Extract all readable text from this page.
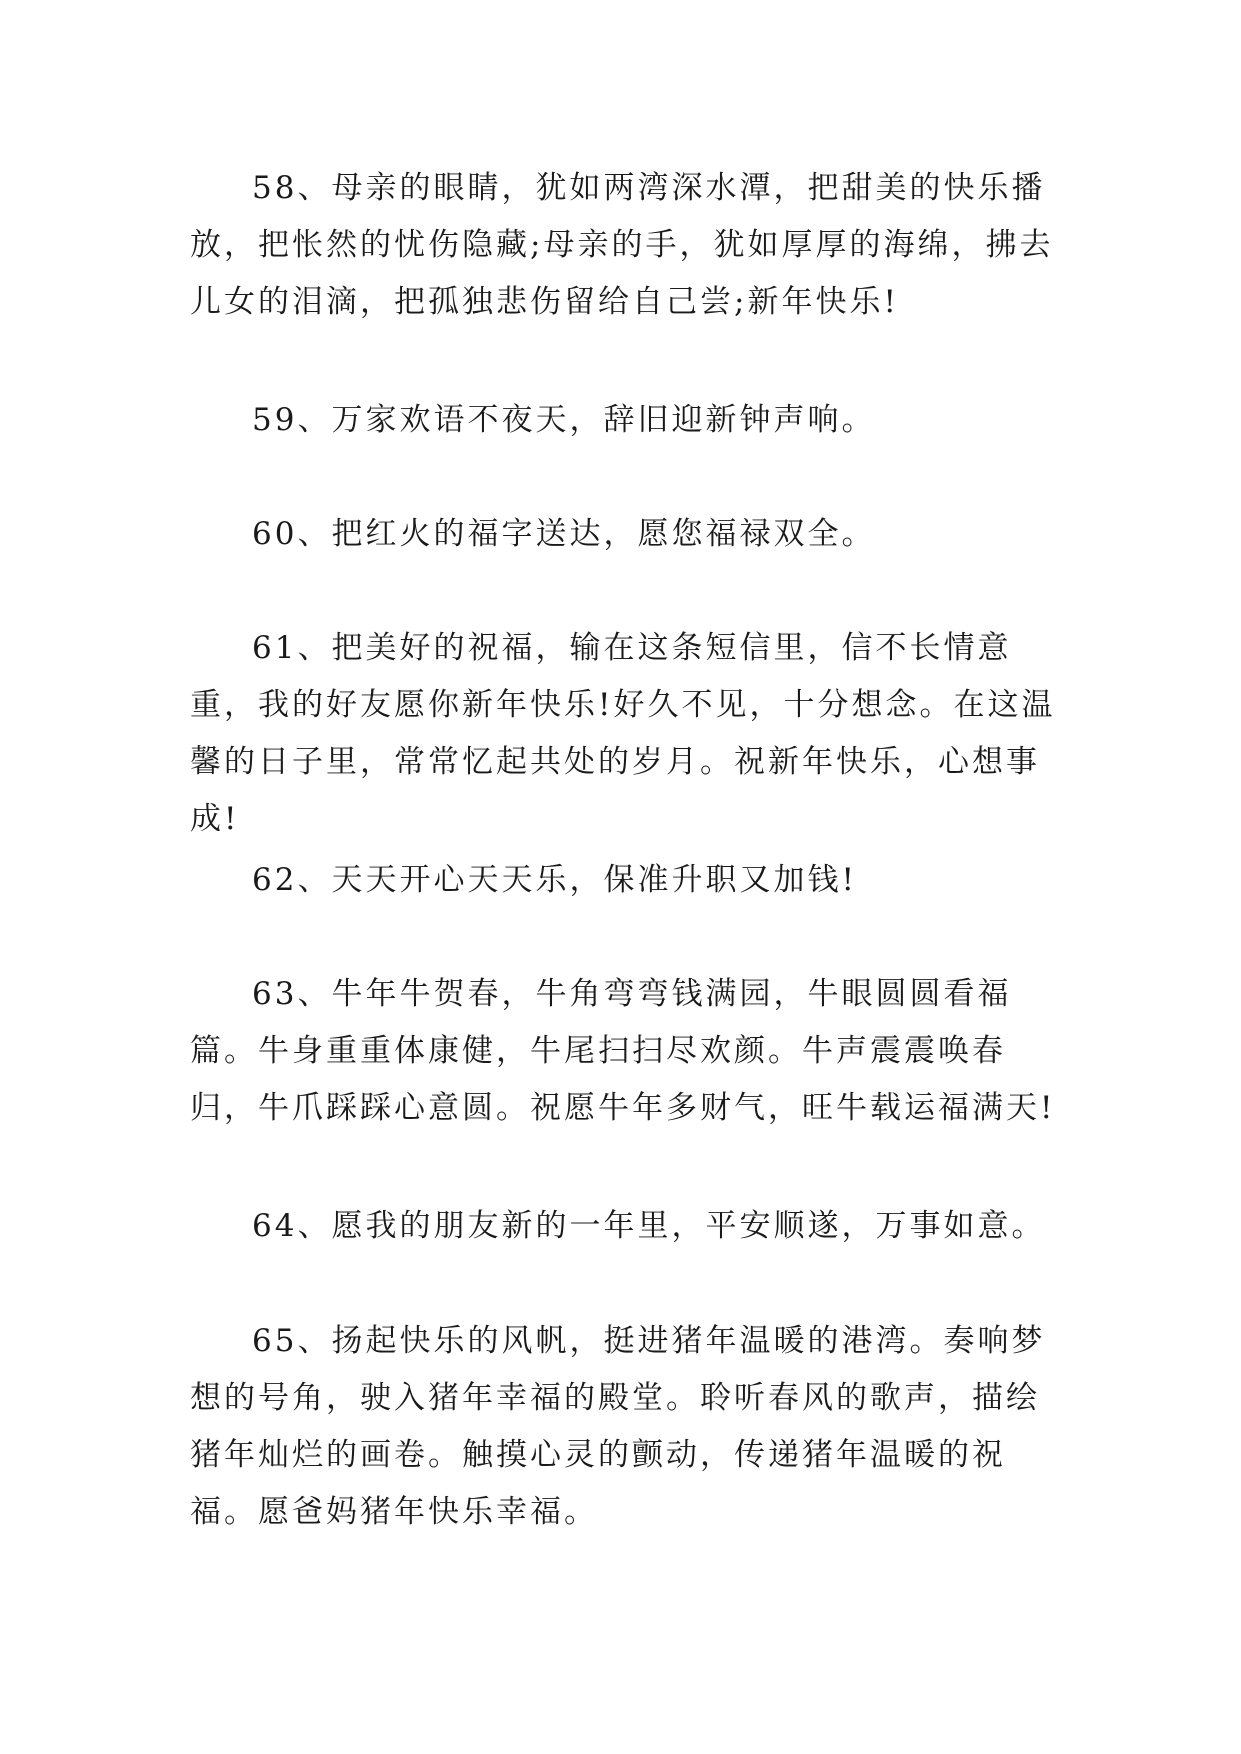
58、母亲的眼睛，犹如两湾深水潭，把甜美的快乐播放，把怅然的忧伤隐藏;母亲的手，犹如厚厚的海绵，拂去儿女的泪滴，把孤独悲伤留给自己尝;新年快乐!

59、万家欢语不夜天，辞旧迎新钟声响。

60、把红火的福字送达，愿您福禄双全。

61、把美好的祝福，输在这条短信里，信不长情意重，我的好友愿你新年快乐!好久不见，十分想念。在这温馨的日子里，常常忆起共处的岁月。祝新年快乐，心想事成!

62、天天开心天天乐，保准升职又加钱!

63、牛年牛贺春，牛角弯弯钱满园，牛眼圆圆看福篇。牛身重重体康健，牛尾扫扫尽欢颜。牛声震震唤春归，牛爪踩踩心意圆。祝愿牛年多财气，旺牛载运福满天!

64、愿我的朋友新的一年里，平安顺遂，万事如意。

65、扬起快乐的风帆，挺进猪年温暖的港湾。奏响梦想的号角，驶入猪年幸福的殿堂。聆听春风的歌声，描绘猪年灿烂的画卷。触摸心灵的颤动，传递猪年温暖的祝福。愿爸妈猪年快乐幸福。
